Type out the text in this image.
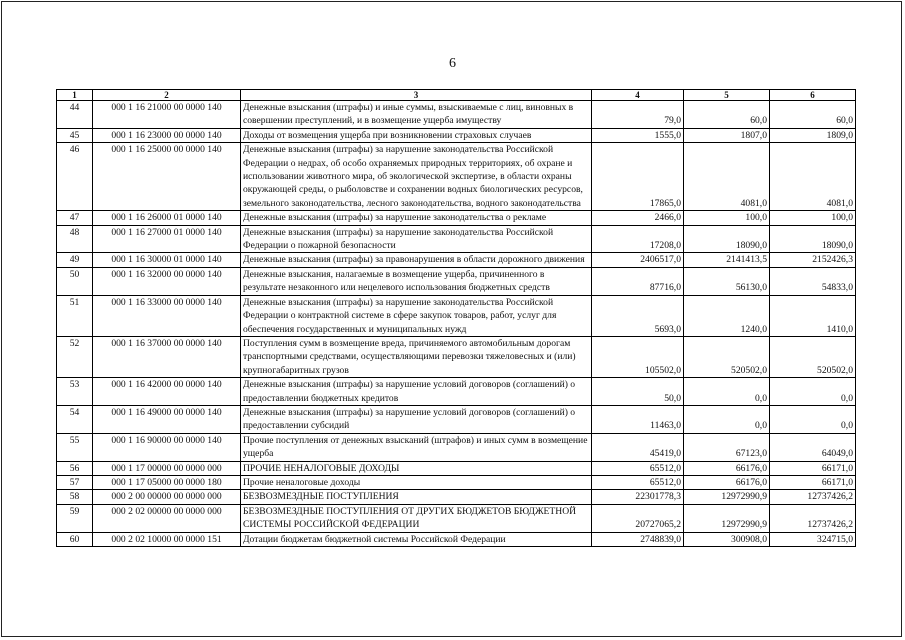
6
1	2	3	4	5	6
44	000 1 16 21000 00 0000 140	Денежные взыскания (штрафы) и иные суммы, взыскиваемые с лиц, виновных в совершении преступлений, и в возмещение ущерба имуществу	79,0	60,0	60,0
45	000 1 16 23000 00 0000 140	Доходы от возмещения ущерба при возникновении страховых случаев	1555,0	1807,0	1809,0
46	000 1 16 25000 00 0000 140	Денежные взыскания (штрафы) за нарушение законодательства Российской Федерации о недрах, об особо охраняемых природных территориях, об охране и использовании животного мира, об экологической экспертизе, в области охраны окружающей среды, о рыболовстве и сохранении водных биологических ресурсов, земельного законодательства, лесного законодательства, водного законодательства	17865,0	4081,0	4081,0
47	000 1 16 26000 01 0000 140	Денежные взыскания (штрафы) за нарушение законодательства о рекламе	2466,0	100,0	100,0
48	000 1 16 27000 01 0000 140	Денежные взыскания (штрафы) за нарушение законодательства Российской Федерации о пожарной безопасности	17208,0	18090,0	18090,0
49	000 1 16 30000 01 0000 140	Денежные взыскания (штрафы) за правонарушения в области дорожного движения	2406517,0	2141413,5	2152426,3
50	000 1 16 32000 00 0000 140	Денежные взыскания, налагаемые в возмещение ущерба, причиненного в результате незаконного или нецелевого использования бюджетных средств	87716,0	56130,0	54833,0
51	000 1 16 33000 00 0000 140	Денежные взыскания (штрафы) за нарушение законодательства Российской Федерации о контрактной системе в сфере закупок товаров, работ, услуг для обеспечения государственных и муниципальных нужд	5693,0	1240,0	1410,0
52	000 1 16 37000 00 0000 140	Поступления сумм в возмещение вреда, причиняемого автомобильным дорогам транспортными средствами, осуществляющими перевозки тяжеловесных и (или) крупногабаритных грузов	105502,0	520502,0	520502,0
53	000 1 16 42000 00 0000 140	Денежные взыскания (штрафы) за нарушение условий договоров (соглашений) о предоставлении бюджетных кредитов	50,0	0,0	0,0
54	000 1 16 49000 00 0000 140	Денежные взыскания (штрафы) за нарушение условий договоров (соглашений) о предоставлении субсидий	11463,0	0,0	0,0
55	000 1 16 90000 00 0000 140	Прочие поступления от денежных взысканий (штрафов) и иных сумм в возмещение ущерба	45419,0	67123,0	64049,0
56	000 1 17 00000 00 0000 000	ПРОЧИЕ НЕНАЛОГОВЫЕ ДОХОДЫ	65512,0	66176,0	66171,0
57	000 1 17 05000 00 0000 180	Прочие неналоговые доходы	65512,0	66176,0	66171,0
58	000 2 00 00000 00 0000 000	БЕЗВОЗМЕЗДНЫЕ ПОСТУПЛЕНИЯ	22301778,3	12972990,9	12737426,2
59	000 2 02 00000 00 0000 000	БЕЗВОЗМЕЗДНЫЕ ПОСТУПЛЕНИЯ ОТ ДРУГИХ БЮДЖЕТОВ БЮДЖЕТНОЙ СИСТЕМЫ РОССИЙСКОЙ ФЕДЕРАЦИИ	20727065,2	12972990,9	12737426,2
60	000 2 02 10000 00 0000 151	Дотации бюджетам бюджетной системы Российской Федерации	2748839,0	300908,0	324715,0
